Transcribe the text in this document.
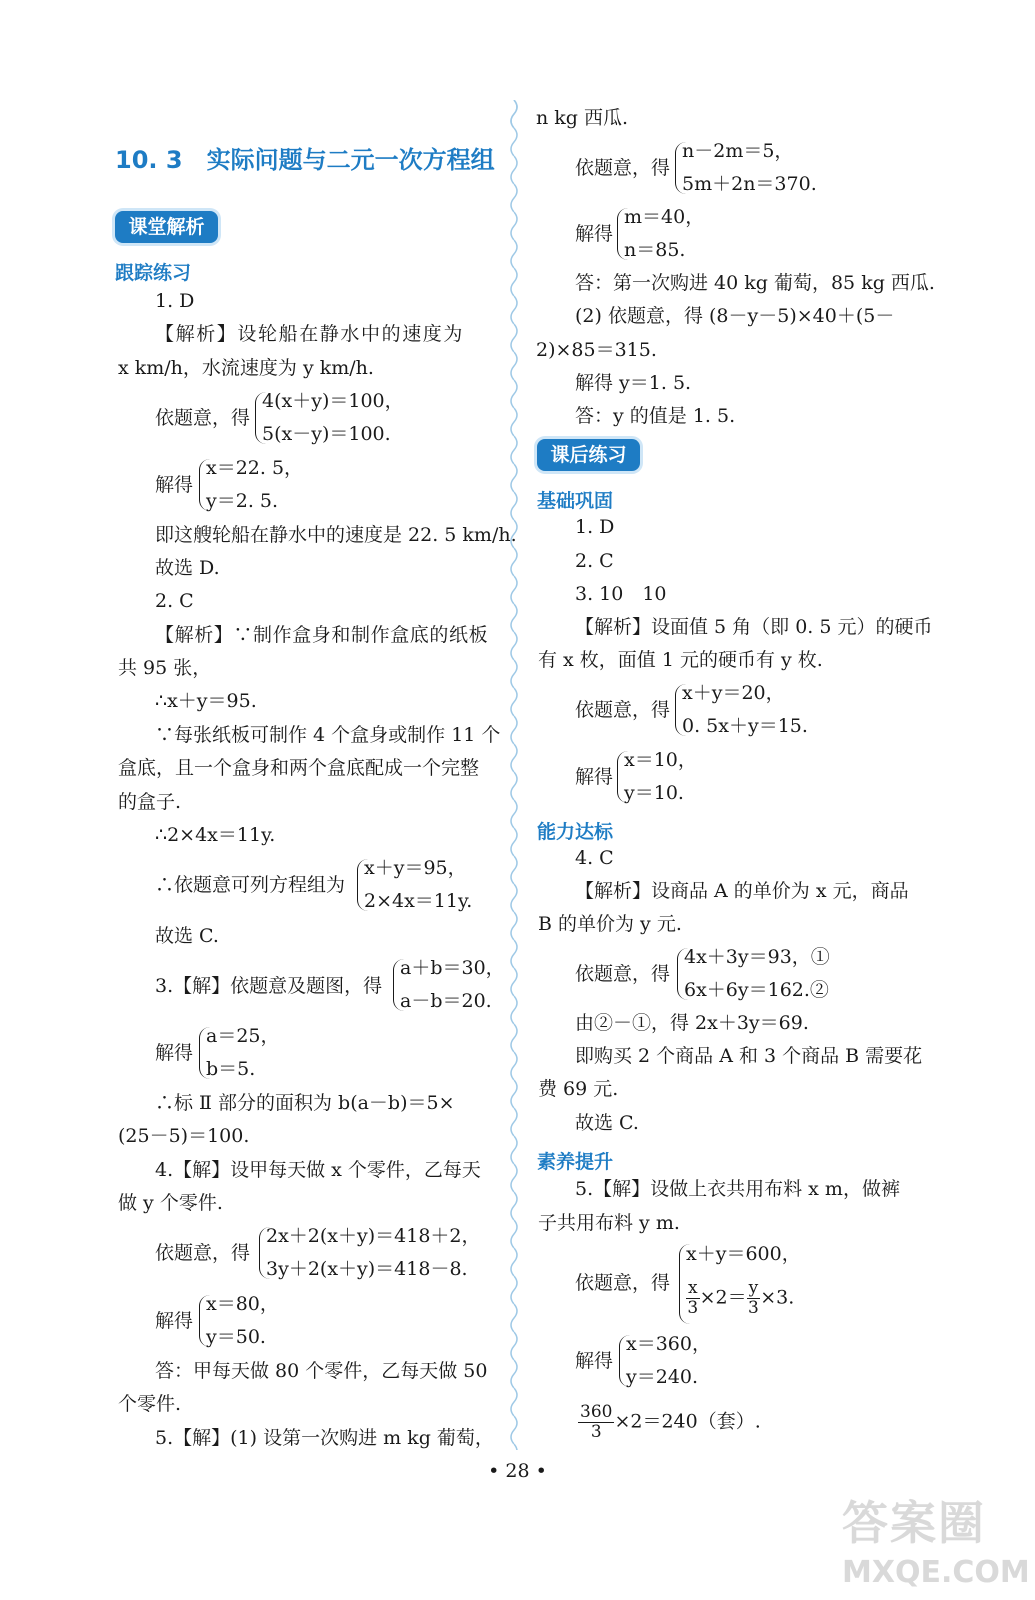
10. 3 实际问题与二元一次方程组
课堂解析
跟踪练习
1. D
【解析】设轮船在静水中的速度为
x km/h，水流速度为 y km/h.
依题意，得
4(x＋y)＝100，
5(x－y)＝100.
解得
x＝22. 5，
y＝2. 5.
即这艘轮船在静水中的速度是 22. 5 km/h.
故选 D.
2. C
【解析】∵制作盒身和制作盒底的纸板
共 95 张，
∴x＋y＝95.
∵每张纸板可制作 4 个盒身或制作 11 个
盒底，且一个盒身和两个盒底配成一个完整
的盒子.
∴2×4x＝11y.
∴依题意可列方程组为
x＋y＝95，
2×4x＝11y.
故选 C.
3.【解】依题意及题图，得
a＋b＝30，
a－b＝20.
解得
a＝25，
b＝5.
∴标 Ⅱ 部分的面积为 b(a－b)＝5×
(25－5)＝100.
4.【解】设甲每天做 x 个零件，乙每天
做 y 个零件.
依题意，得
2x＋2(x＋y)＝418＋2，
3y＋2(x＋y)＝418－8.
解得
x＝80，
y＝50.
答：甲每天做 80 个零件，乙每天做 50
个零件.
5.【解】(1) 设第一次购进 m kg 葡萄，
n kg 西瓜.
依题意，得
n－2m＝5，
5m＋2n＝370.
解得
m＝40，
n＝85.
答：第一次购进 40 kg 葡萄，85 kg 西瓜.
(2) 依题意，得 (8－y－5)×40＋(5－
2)×85＝315.
解得 y＝1. 5.
答：y 的值是 1. 5.
课后练习
基础巩固
1. D
2. C
3. 10　10
【解析】设面值 5 角（即 0. 5 元）的硬币
有 x 枚，面值 1 元的硬币有 y 枚.
依题意，得
x＋y＝20，
0. 5x＋y＝15.
解得
x＝10，
y＝10.
能力达标
4. C
【解析】设商品 A 的单价为 x 元，商品
B 的单价为 y 元.
依题意，得
4x＋3y＝93，①
6x＋6y＝162.②
由②－①，得 2x＋3y＝69.
即购买 2 个商品 A 和 3 个商品 B 需要花
费 69 元.
故选 C.
素养提升
5.【解】设做上衣共用布料 x m，做裤
子共用布料 y m.
依题意，得
x＋y＝600，
$\frac{x}{3} \times 2= \frac{y}{3} \times 3$.
解得
x＝360，
y＝240.
$\frac{360}{3} \times 2=240$（套）.
• 28 •
答案圈
MXQE.COM
